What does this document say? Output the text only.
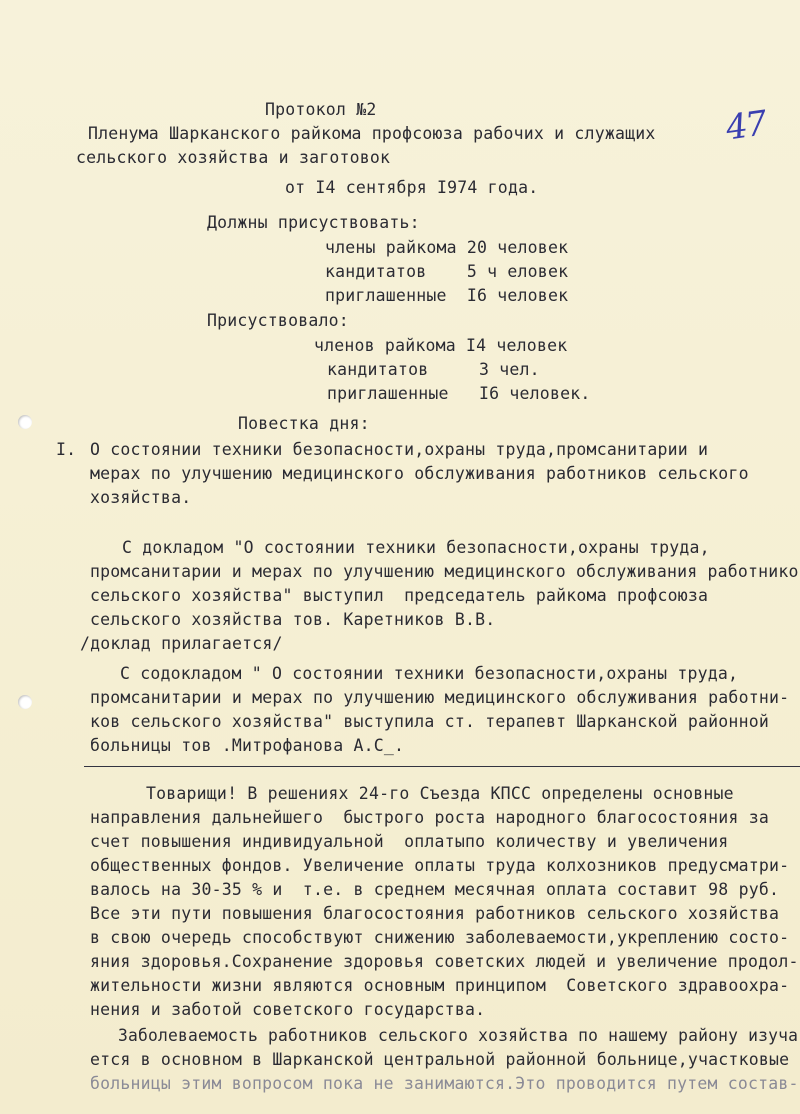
47
Протокол №2
Пленума Шарканского райкома профсоюза рабочих и служащих
сельского хозяйства и заготовок
от I4 сентября I974 года.
Должны присуствовать:
члены райкома 20 человек
кандитатов    5 ч еловек
приглашенные  I6 человек
Присуствовало:
членов райкома I4 человек
кандитатов     3 чел.
приглашенные   I6 человек.
Повестка дня:
I. О состоянии техники безопасности,охраны труда,промсанитарии и
мерах по улучшению медицинского обслуживания работников сельского
хозяйства.
С докладом "О состоянии техники безопасности,охраны труда,
промсанитарии и мерах по улучшению медицинского обслуживания работнико
сельского хозяйства" выступил  председатель райкома профсоюза
сельского хозяйства тов. Каретников В.В.
/доклад прилагается/
С содокладом " О состоянии техники безопасности,охраны труда,
промсанитарии и мерах по улучшению медицинского обслуживания работни-
ков сельского хозяйства" выступила ст. терапевт Шарканской районной
больницы тов .Митрофанова А.С_.
Товарищи! В решениях 24-го Съезда КПСС определены основные
направления дальнейшего  быстрого роста народного благосостояния за
счет повышения индивидуальной  оплатыпо количеству и увеличения
общественных фондов. Увеличение оплаты труда колхозников предусматри-
валось на 30-35 % и  т.е. в среднем месячная оплата составит 98 руб.
Все эти пути повышения благосостояния работников сельского хозяйства
в свою очередь способствуют снижению заболеваемости,укреплению состо-
яния здоровья.Сохранение здоровья советских людей и увеличение продол-
жительности жизни являются основным принципом  Советского здравоохра-
нения и заботой советского государства.
Заболеваемость работников сельского хозяйства по нашему району изуча
ется в основном в Шарканской центральной районной больнице,участковые
больницы этим вопросом пока не занимаются.Это проводится путем состав-
